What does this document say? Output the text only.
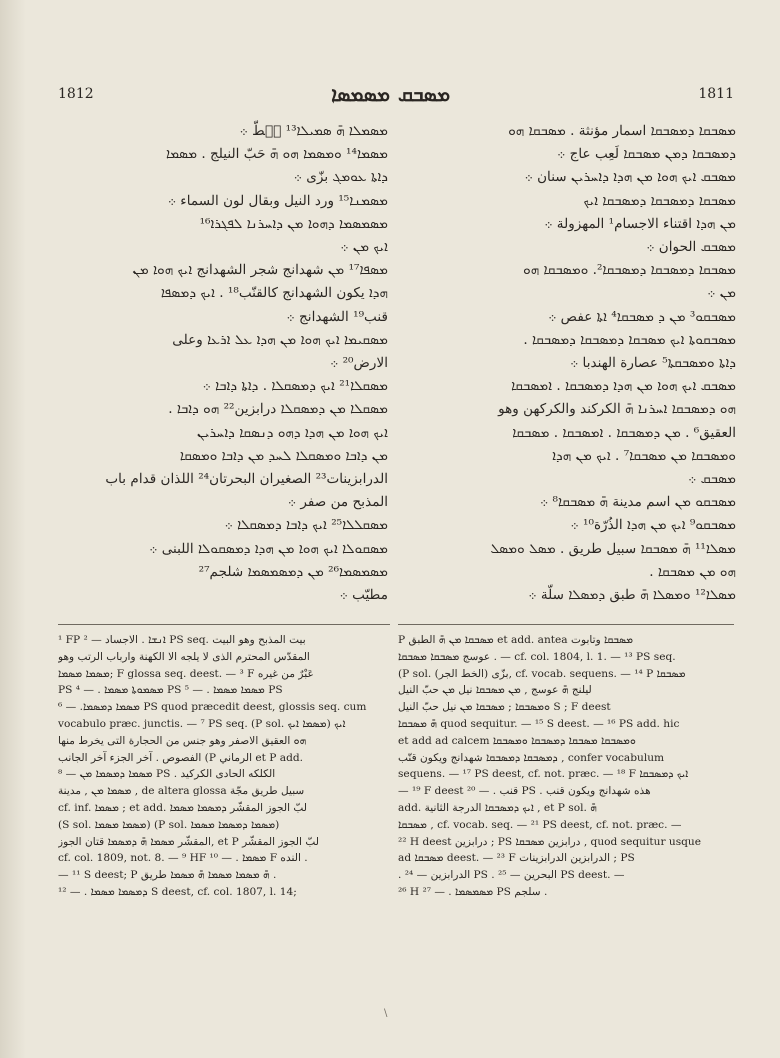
1812	ܡܣܡܣܐ ܡܣܒܩ	1811
ܡܣܡܠܐ ܗ̄ ܣܡܝܠܐ¹³ ܚَطّ ܀
ܡܣܡܐ¹⁴ ܘܡܣܡܐ ܗܘ ܗ̄ حَبّ النيلج . ܡܣܡܐ
ܕܐܬܐ ܥܘܡܓ بزّى ܀
ܡܣܡܢܐ¹⁵ ورد النيل وبقال لون السماء ܀
ܡܣܡܣܡܐ ܕܗܘܐ ܡܢ ܕܐܚܪܢܐ ܠܦܓܪܐ¹⁶
ܐܝܟ ܡܢ ܀
ܡܣܦܐ¹⁷ ܡܢ شهدانج شجر الشهدانج ܐܝܟ ܗܘܐ ܡܢ
ܗܕܐ يكون الشهدانج كالقنّب¹⁸ . ܐܝܟ ܕܡܣܦܐ
قنب¹⁹ الشهدانج ܀
ܡܣܩܝܡܐ ܐܝܟ ܗܘܐ ܡܢ ܗܕܐ ܥܠ ܐܪܥܐ وعلى
الارض²⁰ ܀
ܡܣܩܠܐ²¹ ܐܝܟ ܕܡܣܩܠܐ . ܕܐܬܐ ܕܐܒܐ ܀
ܡܣܩܠܐ ܡܢ ܕܡܣܩܠܐ درابزين²² ܗܘ ܕܐܒܐ .
ܐܝܟ ܗܘܐ ܡܢ ܗܕܐ ܕܗܘ ܕܢܣܩܐ ܕܐܚܪܝܢ
ܡܢ ܕܐܒܐ ܘܡܣܩܠܐ ܠܚܕ ܡܢ ܕܐܒܐ ܘܡܣܩܐ
الدرابزينات²³ الصغيران البحرتان²⁴ اللذان قدام باب
المذبح من صفر ܀
ܡܣܩܠܠܐ²⁵ ܐܝܟ ܕܐܒܐ ܕܡܣܩܠܐ ܀
ܡܣܩܘܠܐ ܐܝܟ ܗܘܐ ܡܢ ܗܕܐ ܕܡܣܩܘܠܐ اللبنى ܀
ܡܣܡܣܡܐ²⁶ ܡܢ ܕܡܣܡܣܡܐ شلجم²⁷
مطيّب ܀
ܡܣܒܩܐ ܕܡܣܒܩܐ اسمار مؤنثة . ܡܣܒܩܐ ܗܘ
ܕܡܣܒܩܐ ܕܡܢ ܡܣܒܩܐ لَعِب عاج ܀
ܡܣܒܩ ܐܝܟ ܗܘܐ ܡܢ ܗܕܐ ܕܐܚܪܝܢ سنان ܀
ܡܣܒܩܐ ܕܡܣܒܩܐ ܕܡܣܒܩܐ ܐܝܟ
ܡܢ ܗܕܐ اقتناء الاجسام¹ المهزولة ܀
ܡܣܒܩ الحوان ܀
ܡܣܒܩܐ ܕܡܣܒܩܐ ܕܡܣܒܩܐ². ܘܡܣܒܩܐ ܗܘ
ܡܢ ܀
ܡܣܒܩܘ³ ܡܢ ܕ ܡܣܒܩܐ⁴ ܐܬܐ عفص ܀
ܡܣܒܩܘܬܐ ܐܝܟ ܡܣܒܩܐ ܕܡܣܒܩܐ ܕܡܣܒܩܐ .
ܕܐܬܐ ܘܡܣܒܩܬܐ⁵ عصارة الهندبا ܀
ܡܣܒܩ ܐܝܟ ܗܘܐ ܡܢ ܗܕܐ ܕܡܣܒܩܐ . ܐܡܣܒܩܐ
ܗܘ ܕܡܣܒܩܐ ܐܚܪܢܐ ܗ̄ الكركند والكركهن وهو
العقيق⁶ . ܡܢ ܕܡܣܒܩܐ . ܐܡܣܒܩܐ . ܡܣܒܩܐ
ܘܡܣܒܩܐ ܡܢ ܡܣܒܩܐ⁷ . ܐܝܟ ܡܢ ܗܕܐ
ܡܣܒܩ ܀
ܡܣܒܩܘ ܡܢ اسم مدينة ܗ̄ ܡܣܒܩܐ⁸ ܀
ܡܣܒܩܘ⁹ ܐܝܟ ܡܢ ܗܕܐ الذُرّة¹⁰ ܀
ܡܣܠܐ¹¹ ܗ̄ ܡܣܒܩܐ سبيل طريق . ܡܣܠ ܘܡܣܠ
ܗܘ ܡܢ ܡܣܒܩܐ .
ܡܣܠܐ¹² ܘܡܣܠܐ ܗ̄ طبق ܕܡܣܠܐ سلّة ܀
¹ FP ܐܢܫܐ . الاجساد — ² PS seq. بيت المذبح وهو البيت
المقدّس المحترم الذى لا يلجه الا الكهنة وارباب الرتب وهو
ܡܣܡܐ ܡܣܡܐ; F glossa seq. deest. — ³ F عَبْرٌ من غيره
PS ܡܣܡܘܬܐ ܡܣܡܐ . — ⁴ PS ܡܣܡܐ ܡܣܡܐ . — ⁵ PS
ܡܣܡܐ ܕܡܣܡܐ. — ⁶ PS quod præcedit deest, glossis seq. cum
vocabulo præc. junctis. — ⁷ PS seq. (P sol. ܡܣܡܐ ܐܝܟ) ܐܝܟ
ܗܘ العقيق الاصفر وهو جنس من الحجارة التى يخرط منها
الفصوص . آخر الجزء آخر الجانب (P الرماني et P add.
ܡܣܡܐ ܕܡܣܡܐ ܡܢ — ⁸ PS . الكلكه الحادى الكركيد
ܡܣܡܐ ܡܢ , مدينة , de altera glossa سبيل طريق مجّة
cf. inf. ܡܣܡܐ ; et add. لبّ الجوز المقشّر ܕܡܣܡܐ ܡܣܡܐ
(S sol. ܡܣܡܐ ܡܣܡܐ) (P sol. ܡܣܡܐ ܕܡܣܡܐ ܡܣܡܐ)
المقشّر ܡܣܡܐ ܗ̄ ܕܡܣܡܐ قتان الجوز, et P لبّ الجوز المقشّر
cf. col. 1809, not. 8. — ⁹ HF ܡܣܡܐ . — ¹⁰ F النده .
— ¹¹ S deest; P ܗ̄ ܡܣܡܐ ܡܣܡܐ ܗ̄ ܡܣܡܐ طريق .
ܕܡܣܡܐ ܡܣܡܐ . — ¹² S deest, cf. col. 1807, l. 14;
P ܡܣܒܩܐ ܡܢ ܗ̄ الطبق et add. antea ܡܣܒܩܐ وتابوت
عوسج ܡܣܒܩܐ ܡܣܒܩܐ . — cf. col. 1804, l. 1. — ¹³ PS seq.
(P sol. بزّى (الخط الجر), cf. vocab. sequens. — ¹⁴ P ܡܣܒܩܐ
ليلنج ܗ̄ عوسج , ܡܢ ܡܣܒܩܐ نيل ܡܢ حبّ النيل
ܘܡܣܒܩܐ ; ܡܣܒܩܐ ܡܢ نيل حبّ النيل S ; F deest
ܗ̄ ܡܣܒܩܐ quod sequitur. — ¹⁵ S deest. — ¹⁶ PS add. hic
et add ad calcem ܘܡܣܒܩܐ ܡܣܒܩܐ ܕܡܣܒܩܐ ܘܡܣܒܩܐ
ܕܡܣܒܩܐ ܕܡܣܒܩܐ شهدانج ويكون قنّب , confer vocabulum
sequens. — ¹⁷ PS deest, cf. not. præc. — ¹⁸ F ܐܝܟ ܕܡܣܒܩܐ
— ¹⁹ F deest قنب . — ²⁰ PS . هذه شهدانج ويكون قنب
add. ܐܝܟ ܕܡܣܒܩܐ الدرجة الثانية , et P sol. ܗ̄
ܡܣܒܩܐ , cf. vocab. seq. — ²¹ PS deest, cf. not. præc. —
²² H deest درابزين ; PS درابزين ܡܣܒܩܐ , quod sequitur usque
ad ܡܣܒܩܐ deest. — ²³ F الدرابزين الدرابزينات ; PS
. الدرابزين — ²⁴ PS . البحرين — ²⁵ PS deest. —
²⁶ H ܡܣܡܣܡܐ . — ²⁷ PS سلجم .
\
